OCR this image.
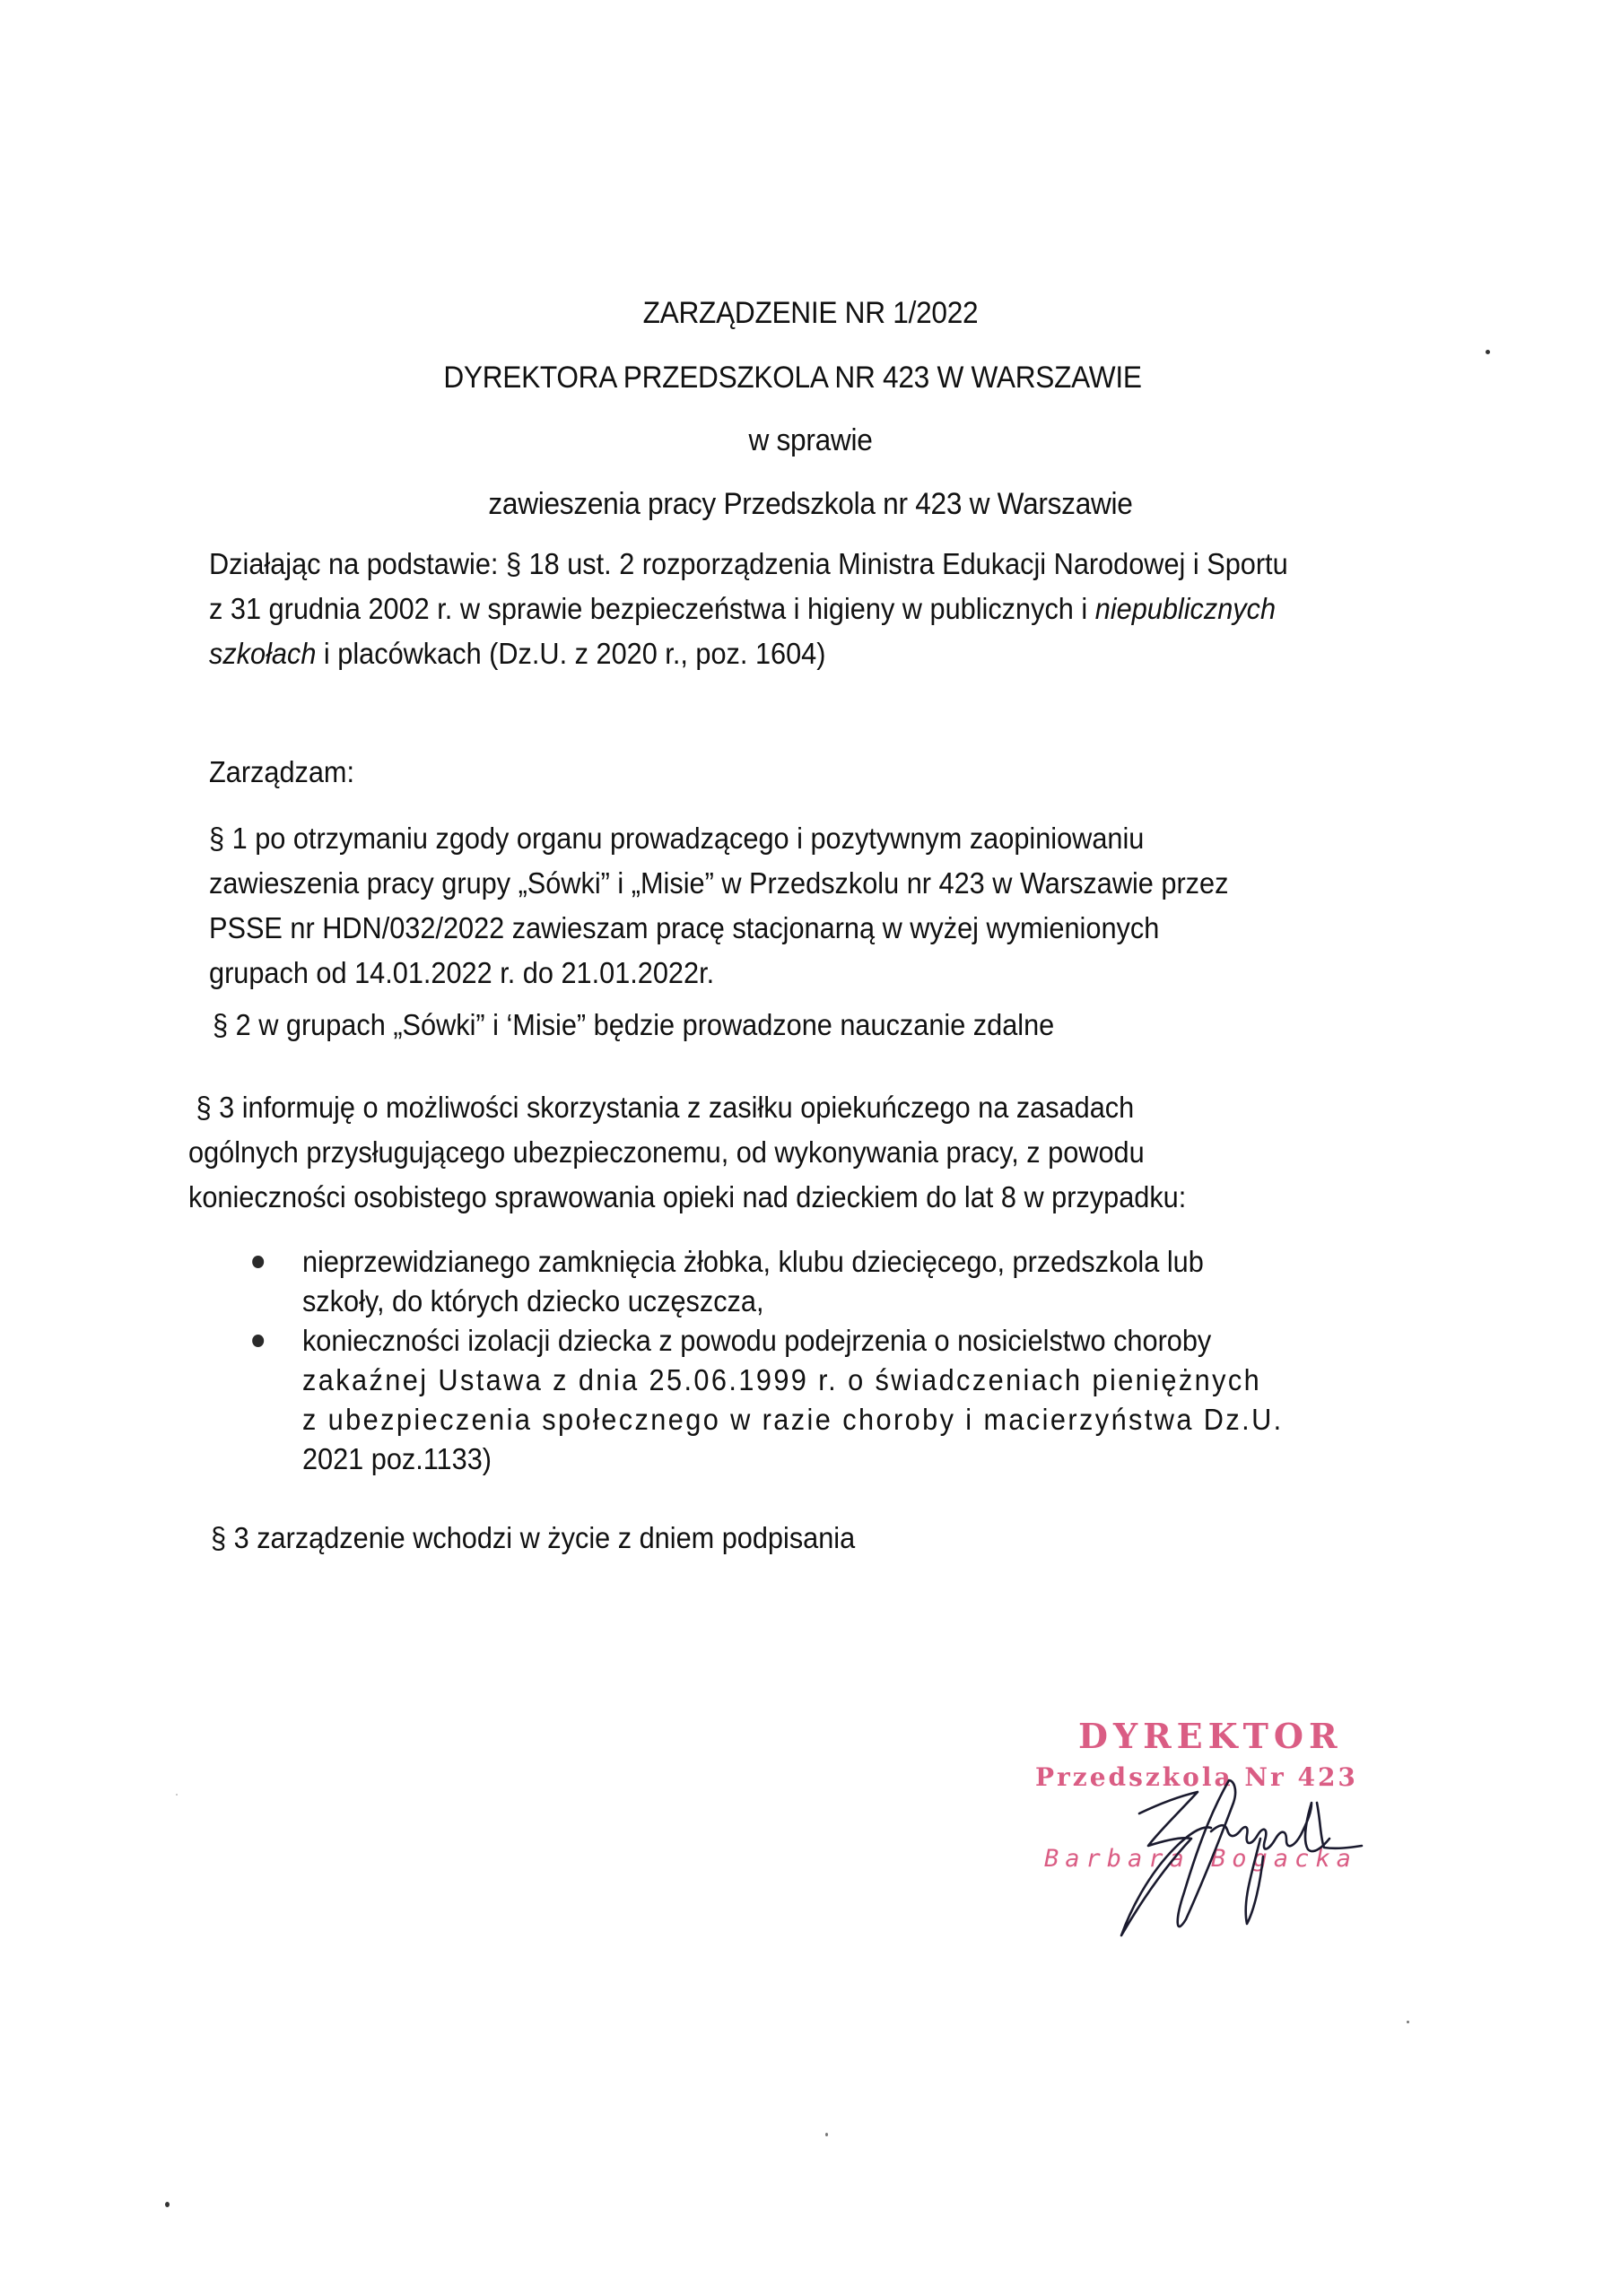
ZARZĄDZENIE NR 1/2022
DYREKTORA PRZEDSZKOLA NR 423 W WARSZAWIE
w sprawie
zawieszenia pracy Przedszkola nr 423 w Warszawie
Działając na podstawie: § 18 ust. 2 rozporządzenia Ministra Edukacji Narodowej i Sportu
z 31 grudnia 2002 r. w sprawie bezpieczeństwa i higieny w publicznych i niepublicznych
szkołach i placówkach (Dz.U. z 2020 r., poz. 1604)
Zarządzam:
§ 1 po otrzymaniu zgody organu prowadzącego i pozytywnym zaopiniowaniu
zawieszenia pracy grupy „Sówki” i „Misie” w Przedszkolu nr 423 w Warszawie przez
PSSE nr HDN/032/2022 zawieszam pracę stacjonarną w wyżej wymienionych
grupach od 14.01.2022 r. do 21.01.2022r.
§ 2 w grupach „Sówki” i ‘Misie” będzie prowadzone nauczanie zdalne
§ 3 informuję o możliwości skorzystania z zasiłku opiekuńczego na zasadach
ogólnych przysługującego ubezpieczonemu, od wykonywania pracy, z powodu
konieczności osobistego sprawowania opieki nad dzieckiem do lat 8 w przypadku:
nieprzewidzianego zamknięcia żłobka, klubu dziecięcego, przedszkola lub
szkoły, do których dziecko uczęszcza,
konieczności izolacji dziecka z powodu podejrzenia o nosicielstwo choroby
zakaźnej Ustawa z dnia 25.06.1999 r. o świadczeniach pieniężnych
z ubezpieczenia społecznego w razie choroby i macierzyństwa Dz.U.
2021 poz.1133)
§ 3 zarządzenie wchodzi w życie z dniem podpisania
DYREKTOR
Przedszkola Nr 423
Barbara Bogacka
